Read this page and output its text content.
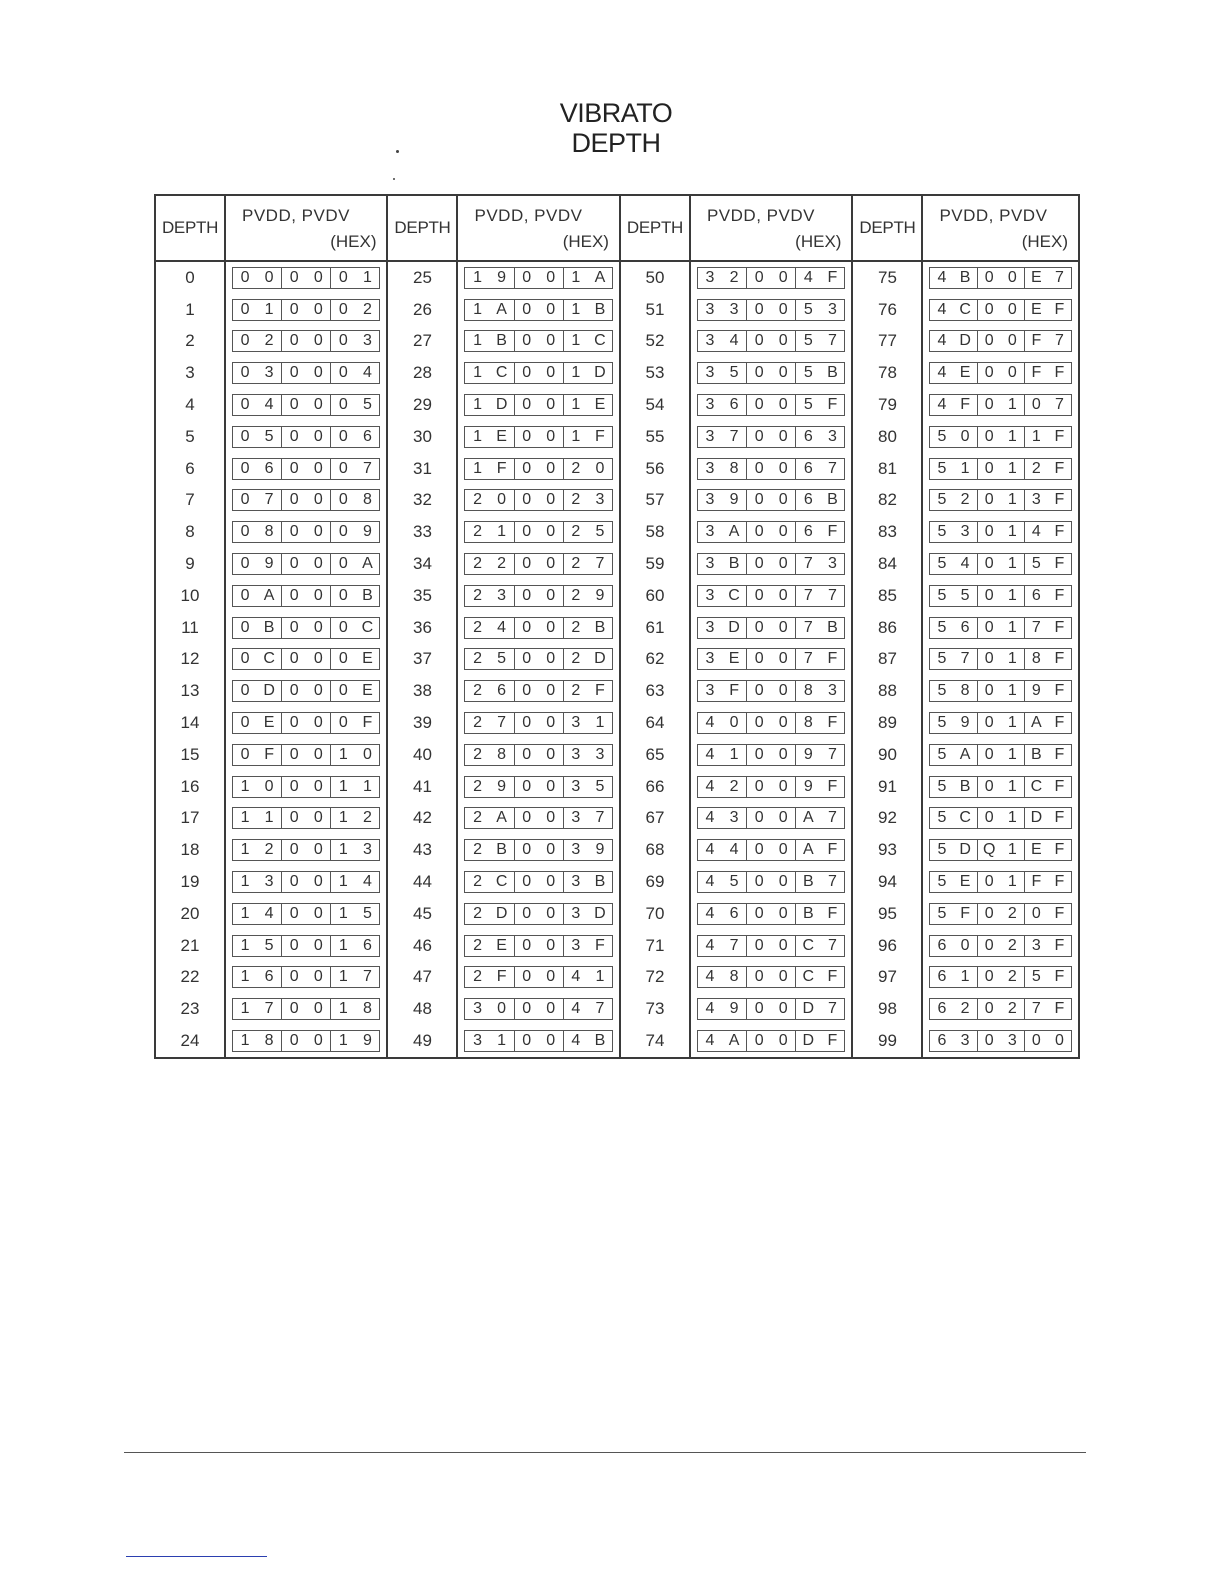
VIBRATO
DEPTH
DEPTH
PVDD, PVDV
(HEX)
0	0 0	0 0	0 1
1	0 1	0 0	0 2
2	0 2	0 0	0 3
3	0 3	0 0	0 4
4	0 4	0 0	0 5
5	0 5	0 0	0 6
6	0 6	0 0	0 7
7	0 7	0 0	0 8
8	0 8	0 0	0 9
9	0 9	0 0	0 A
10	0 A 0 0	0 B
11	0 B 0 0	0 C
12	0 C 0 0	0 E
13	0 D 0 0	0 E
14	0 E 0 0	0 F
15	0 F 0 0	1 0
16	1 0	0 0	1 1
17	1 1	0 0	1 2
18	1 2	0 0	1 3
19	1 3	0 0	1 4
20	1 4	0 0	1 5
21	1 5	0 0	1 6
22	1 6	0 0	1 7
23	1 7	0 0	1 8
24	1 8	0 0	1 9
DEPTH
PVDD, PVDV
(HEX)
25	1 9	0 0	1 A
26	1 A 0 0	1 B
27	1 B 0 0	1 C
28	1 C 0 0	1 D
29	1 D 0 0	1 E
30	1 E 0 0	1 F
31	1 F 0 0	2 0
32	2 0	0 0	2 3
33	2 1	0 0	2 5
34	2 2	0 0	2 7
35	2 3	0 0	2 9
36	2 4	0 0	2 B
37	2 5	0 0	2 D
38	2 6	0 0	2 F
39	2 7	0 0	3 1
40	2 8	0 0	3 3
41	2 9	0 0	3 5
42	2 A 0 0	3 7
43	2 B 0 0	3 9
44	2 C 0 0	3 B
45	2 D 0 0	3 D
46	2 E 0 0	3 F
47	2 F 0 0	4 1
48	3 0	0 0	4 7
49	3 1	0 0	4 B
DEPTH
PVDD, PVDV
(HEX)
50	3 2	0 0	4 F
51	3 3	0 0	5 3
52	3 4	0 0	5 7
53	3 5	0 0	5 B
54	3 6	0 0	5 F
55	3 7	0 0	6 3
56	3 8	0 0	6 7
57	3 9	0 0	6 B
58	3 A 0 0	6 F
59	3 B 0 0	7 3
60	3 C 0 0	7 7
61	3 D 0 0	7 B
62	3 E 0 0	7 F
63	3 F 0 0	8 3
64	4 0	0 0	8 F
65	4 1	0 0	9 7
66	4 2	0 0	9 F
67	4 3	0 0 A 7
68	4 4	0 0 A F
69	4 5	0 0 B 7
70	4 6	0 0 B F
71	4 7	0 0 C 7
72	4 8	0 0 C F
73	4 9	0 0 D 7
74	4 A 0 0 D F
DEPTH
PVDD, PVDV
(HEX)
75	4 B 0 0 E 7
76	4 C 0 0 E F
77	4 D 0 0 F 7
78	4 E 0 0 F F
79	4 F 0 1 0 7
80	5 0 0 1 1 F
81	5 1 0 1 2 F
82	5 2 0 1 3 F
83	5 3 0 1 4 F
84	5 4 0 1 5 F
85	5 5 0 1 6 F
86	5 6 0 1 7 F
87	5 7 0 1 8 F
88	5 8 0 1 9 F
89	5 9 0 1 A F
90	5 A 0 1 B F
91	5 B 0 1 C F
92	5 C 0 1 D F
93	5 D Q 1 E F
94	5 E 0 1 F F
95	5 F 0 2 0 F
96	6 0 0 2 3 F
97	6 1 0 2 5 F
98	6 2 0 2 7 F
99	6 3 0 3 0 0
